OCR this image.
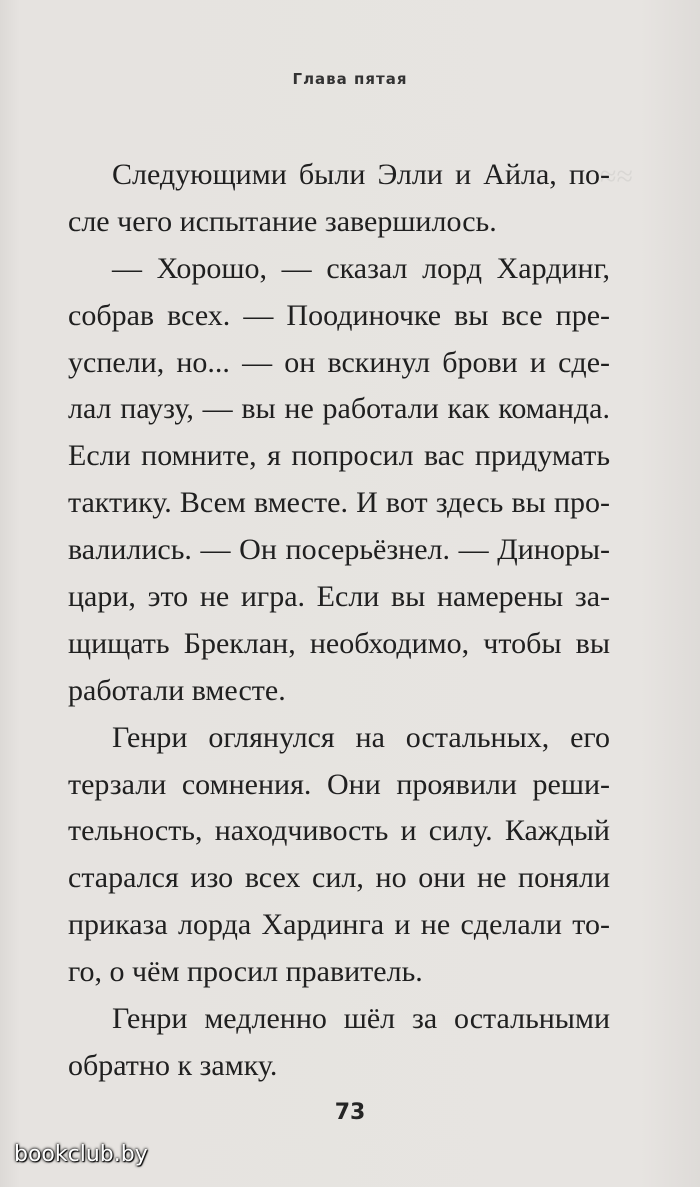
≈≈
Глава пятая
Следующими были Элли и Айла, по-
сле чего испытание завершилось.
— Хорошо, — сказал лорд Хардинг,
собрав всех. — Поодиночке вы все пре-
успели, но... — он вскинул брови и сде-
лал паузу, — вы не работали как команда.
Если помните, я попросил вас придумать
тактику. Всем вместе. И вот здесь вы про-
валились. — Он посерьёзнел. — Диноры-
цари, это не игра. Если вы намерены за-
щищать Бреклан, необходимо, чтобы вы
работали вместе.
Генри оглянулся на остальных, его
терзали сомнения. Они проявили реши-
тельность, находчивость и силу. Каждый
старался изо всех сил, но они не поняли
приказа лорда Хардинга и не сделали то-
го, о чём просил правитель.
Генри медленно шёл за остальными
обратно к замку.
73
bookclub.by
